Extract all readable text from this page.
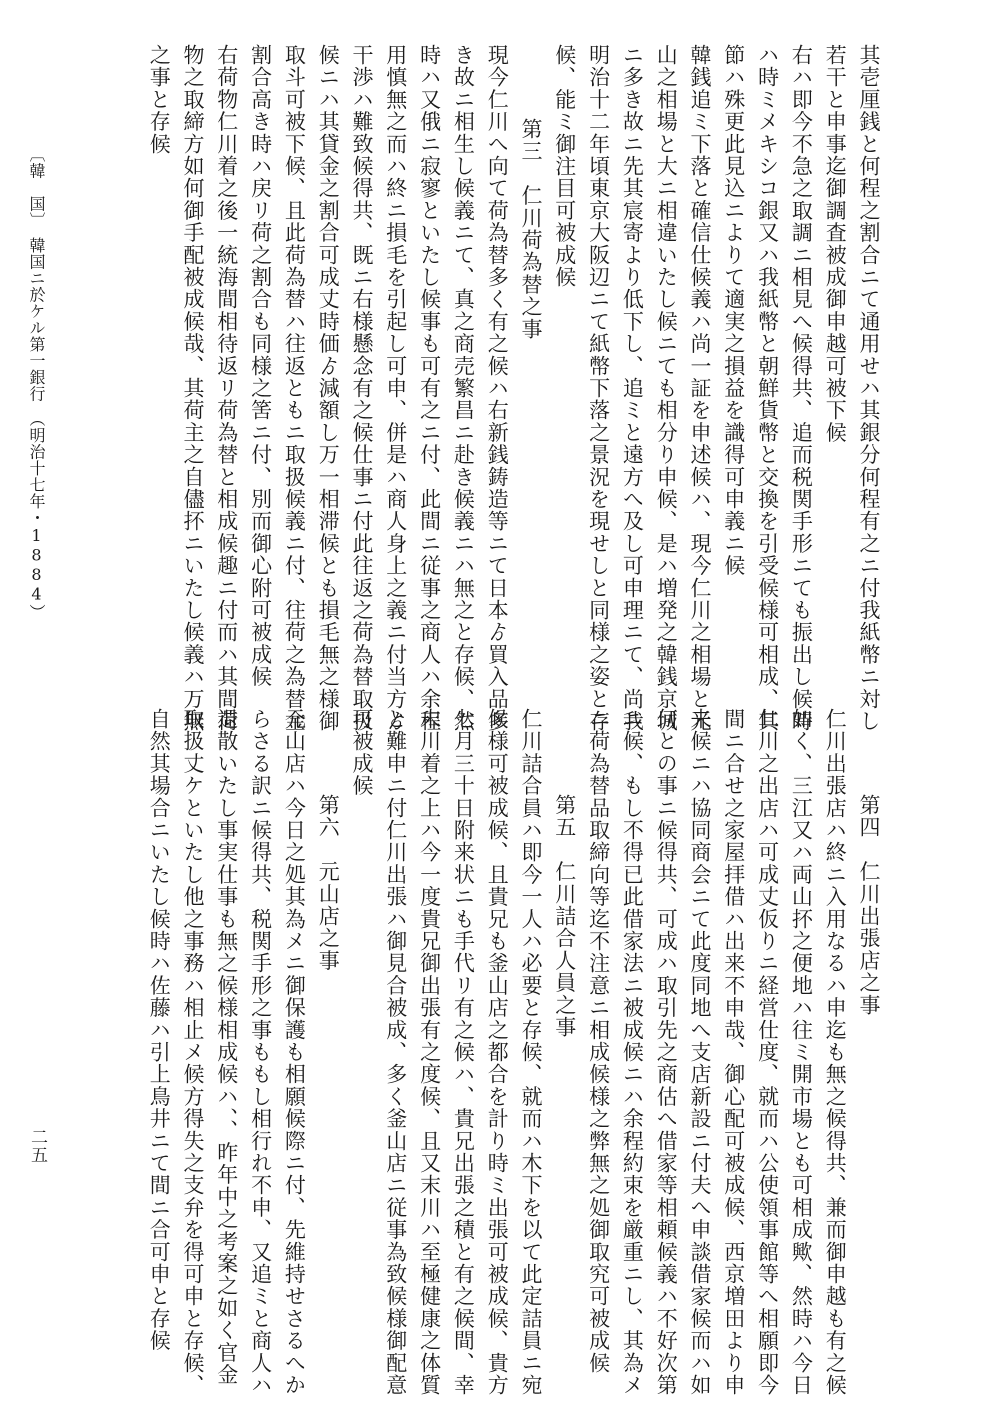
其壱厘銭と何程之割合ニて通用せハ其銀分何程有之ニ付我紙幣ニ対し
若干と申事迄御調査被成御申越可被下候
右ハ即今不急之取調ニ相見へ候得共、追而税関手形ニても振出し候時
ハ時ミメキシコ銀又ハ我紙幣と朝鮮貨幣と交換を引受候様可相成、其
節ハ殊更此見込ニよりて適実之損益を識得可申義ニ候
韓銭追ミ下落と確信仕候義ハ尚一証を申述候ハ、現今仁川之相場と元
山之相場と大ニ相違いたし候ニても相分り申候、是ハ増発之韓銭京城
ニ多き故ニ先其宸寄より低下し、追ミと遠方へ及し可申理ニて、尚我
明治十二年頃東京大阪辺ニて紙幣下落之景況を現せしと同様之姿と存
候、能ミ御注目可被成候
第三　仁川荷為替之事
現今仁川へ向て荷為替多く有之候ハ右新銭鋳造等ニて日本ゟ買入品多
き故ニ相生し候義ニて、真之商売繁昌ニ赴き候義ニハ無之と存候、然
時ハ又俄ニ寂寥といたし候事も可有之ニ付、此間ニ従事之商人ハ余程
用慎無之而ハ終ニ損毛を引起し可申、併是ハ商人身上之義ニ付当方ゟ
干渉ハ難致候得共、既ニ右様懸念有之候仕事ニ付此往返之荷為替取扱
候ニハ其貸金之割合可成丈時価ゟ減額し万一相滞候とも損毛無之様御
取斗可被下候、且此荷為替ハ往返ともニ取扱候義ニ付、往荷之為替金
割合高き時ハ戻リ荷之割合も同様之筈ニ付、別而御心附可被成候
右荷物仁川着之後一統海間相待返リ荷為替と相成候趣ニ付而ハ其間荷
物之取締方如何御手配被成候哉、其荷主之自儘抔ニいたし候義ハ万無
之事と存候
第四　仁川出張店之事
仁川出張店ハ終ニ入用なるハ申迄も無之候得共、兼而御申越も有之候
如く、三江又ハ両山抔之便地ハ往ミ開市場とも可相成歟、然時ハ今日
仁川之出店ハ可成丈仮りニ経営仕度、就而ハ公使領事館等へ相願即今
間ニ合せ之家屋拝借ハ出来不申哉、御心配可被成候、西京増田より申
来候ニハ協同商会ニて此度同地へ支店新設ニ付夫へ申談借家候而ハ如
何との事ニ候得共、可成ハ取引先之商估へ借家等相頼候義ハ不好次第
ニ候、もし不得已此借家法ニ被成候ニハ余程約束を厳重ニし、其為メ
ニ荷為替品取締向等迄不注意ニ相成候様之弊無之処御取究可被成候
第五　仁川詰合人員之事
仁川詰合員ハ即今一人ハ必要と存候、就而ハ木下を以て此定詰員ニ宛
候様可被成候、且貴兄も釜山店之都合を計り時ミ出張可被成候、貴方
七月三十日附来状ニも手代リ有之候ハ、貴兄出張之積と有之候間、幸
末川着之上ハ今一度貴兄御出張有之度候、且又末川ハ至極健康之体質
と難申ニ付仁川出張ハ御見合被成、多く釜山店ニ従事為致候様御配意
可被成候
第六　元山店之事
元山店ハ今日之処其為メニ御保護も相願候際ニ付、先維持せさるへか
らさる訳ニ候得共、税関手形之事ももし相行れ不申、又追ミと商人ハ
退散いたし事実仕事も無之候様相成候ハ、、昨年中之考案之如く官金
取扱丈ケといたし他之事務ハ相止メ候方得失之支弁を得可申と存候、
自然其場合ニいたし候時ハ佐藤ハ引上鳥井ニて間ニ合可申と存候
〔韓　国〕　韓国ニ於ケル第一銀行　（明治十七年・1884）
二五
